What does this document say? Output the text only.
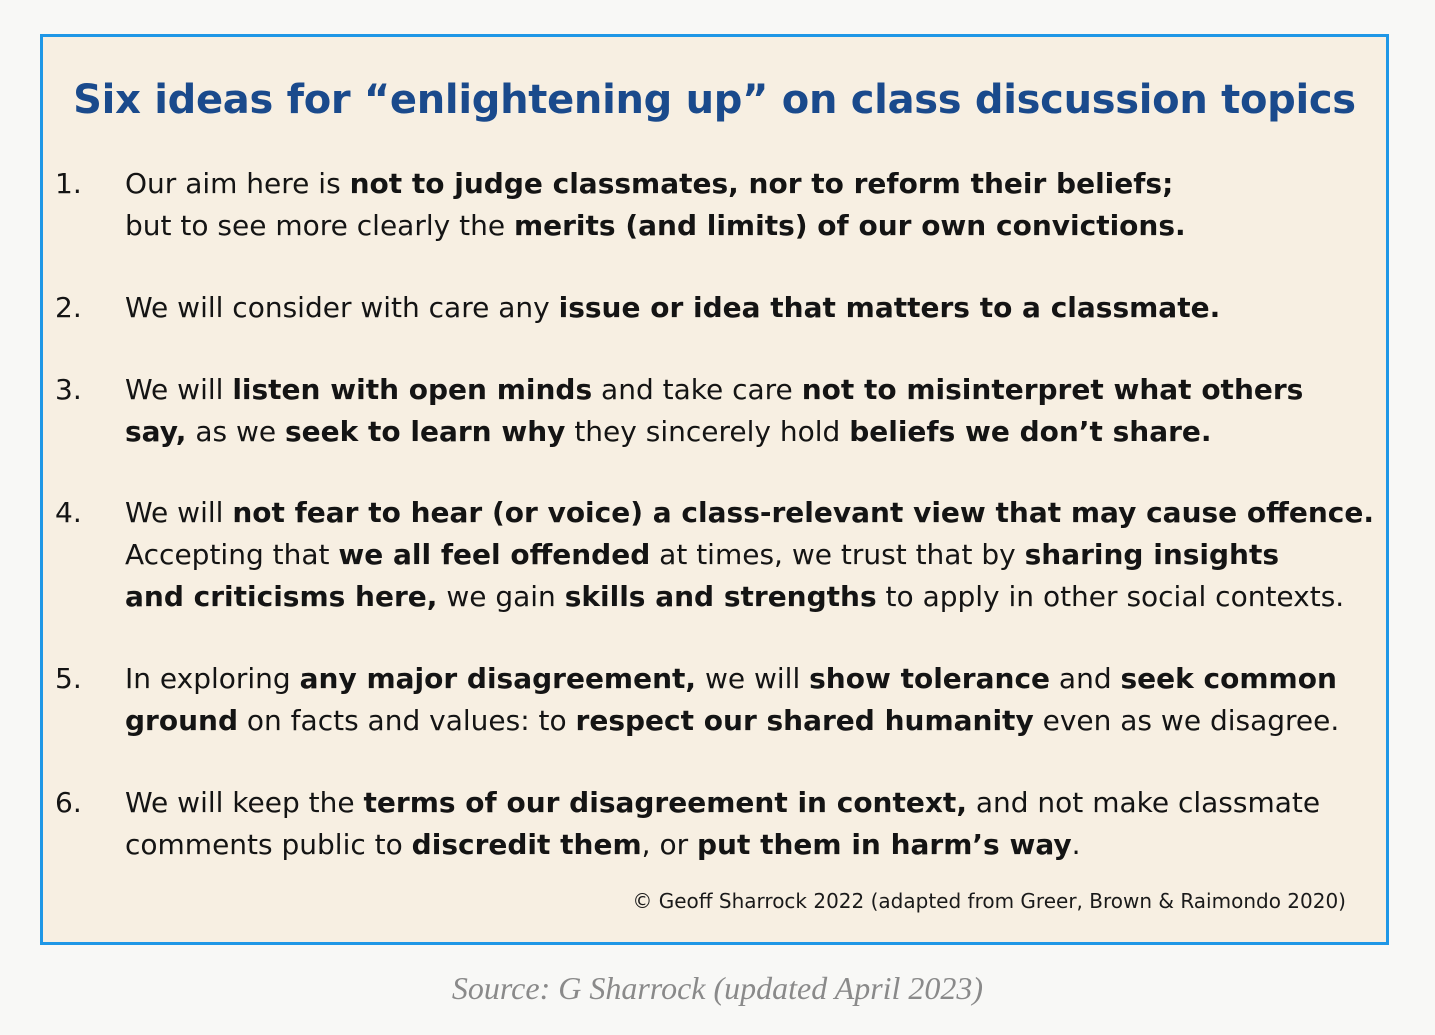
Six ideas for “enlightening up” on class discussion topics
1.	Our aim here is not to judge classmates, nor to reform their beliefs;
but to see more clearly the merits (and limits) of our own convictions.
2.	We will consider with care any issue or idea that matters to a classmate.
3.	We will listen with open minds and take care not to misinterpret what others
say, as we seek to learn why they sincerely hold beliefs we don’t share.
4.	We will not fear to hear (or voice) a class-relevant view that may cause offence.
Accepting that we all feel offended at times, we trust that by sharing insights
and criticisms here, we gain skills and strengths to apply in other social contexts.
5.	In exploring any major disagreement, we will show tolerance and seek common
ground on facts and values: to respect our shared humanity even as we disagree.
6.	We will keep the terms of our disagreement in context, and not make classmate
comments public to discredit them, or put them in harm’s way.
© Geoff Sharrock 2022 (adapted from Greer, Brown & Raimondo 2020)
Source: G Sharrock (updated April 2023)
